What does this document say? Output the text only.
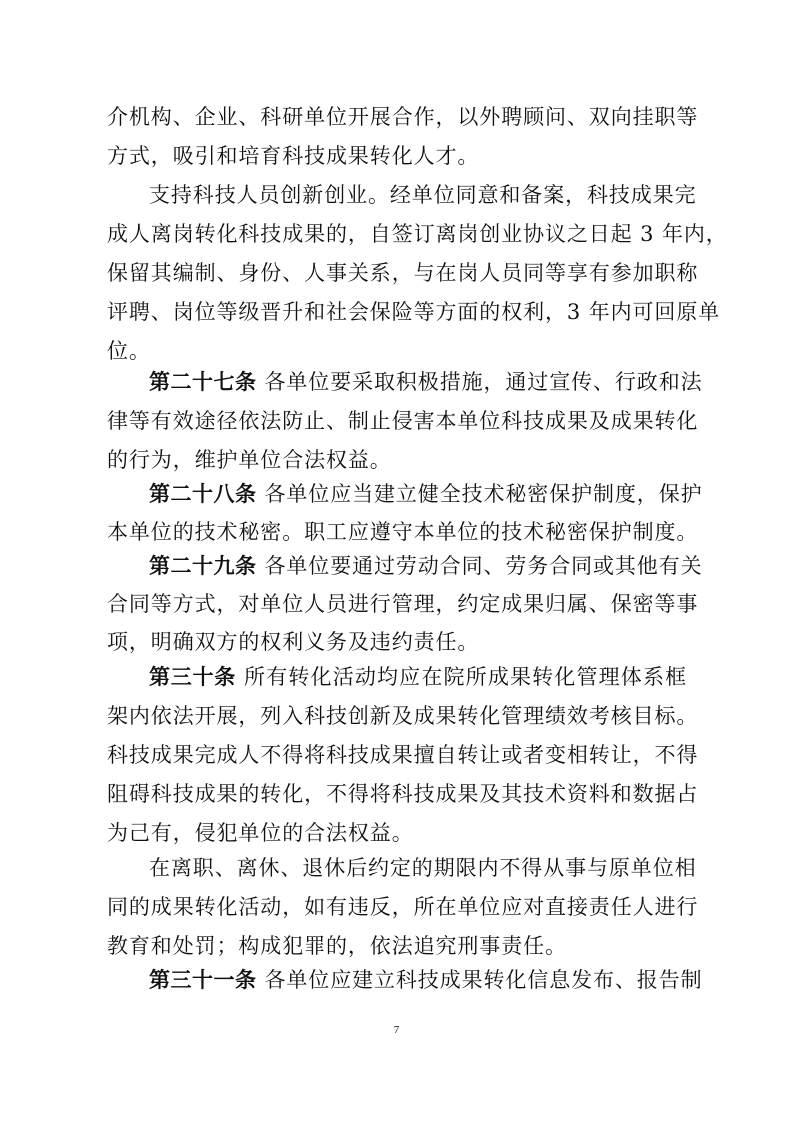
介机构、企业、科研单位开展合作，以外聘顾问、双向挂职等
方式，吸引和培育科技成果转化人才。
支持科技人员创新创业。经单位同意和备案，科技成果完
成人离岗转化科技成果的，自签订离岗创业协议之日起 3 年内，
保留其编制、身份、人事关系，与在岗人员同等享有参加职称
评聘、岗位等级晋升和社会保险等方面的权利，3 年内可回原单
位。
第二十七条 各单位要采取积极措施，通过宣传、行政和法
律等有效途径依法防止、制止侵害本单位科技成果及成果转化
的行为，维护单位合法权益。
第二十八条 各单位应当建立健全技术秘密保护制度，保护
本单位的技术秘密。职工应遵守本单位的技术秘密保护制度。
第二十九条 各单位要通过劳动合同、劳务合同或其他有关
合同等方式，对单位人员进行管理，约定成果归属、保密等事
项，明确双方的权利义务及违约责任。
第三十条 所有转化活动均应在院所成果转化管理体系框
架内依法开展，列入科技创新及成果转化管理绩效考核目标。
科技成果完成人不得将科技成果擅自转让或者变相转让，不得
阻碍科技成果的转化，不得将科技成果及其技术资料和数据占
为己有，侵犯单位的合法权益。
在离职、离休、退休后约定的期限内不得从事与原单位相
同的成果转化活动，如有违反，所在单位应对直接责任人进行
教育和处罚；构成犯罪的，依法追究刑事责任。
第三十一条 各单位应建立科技成果转化信息发布、报告制
7
